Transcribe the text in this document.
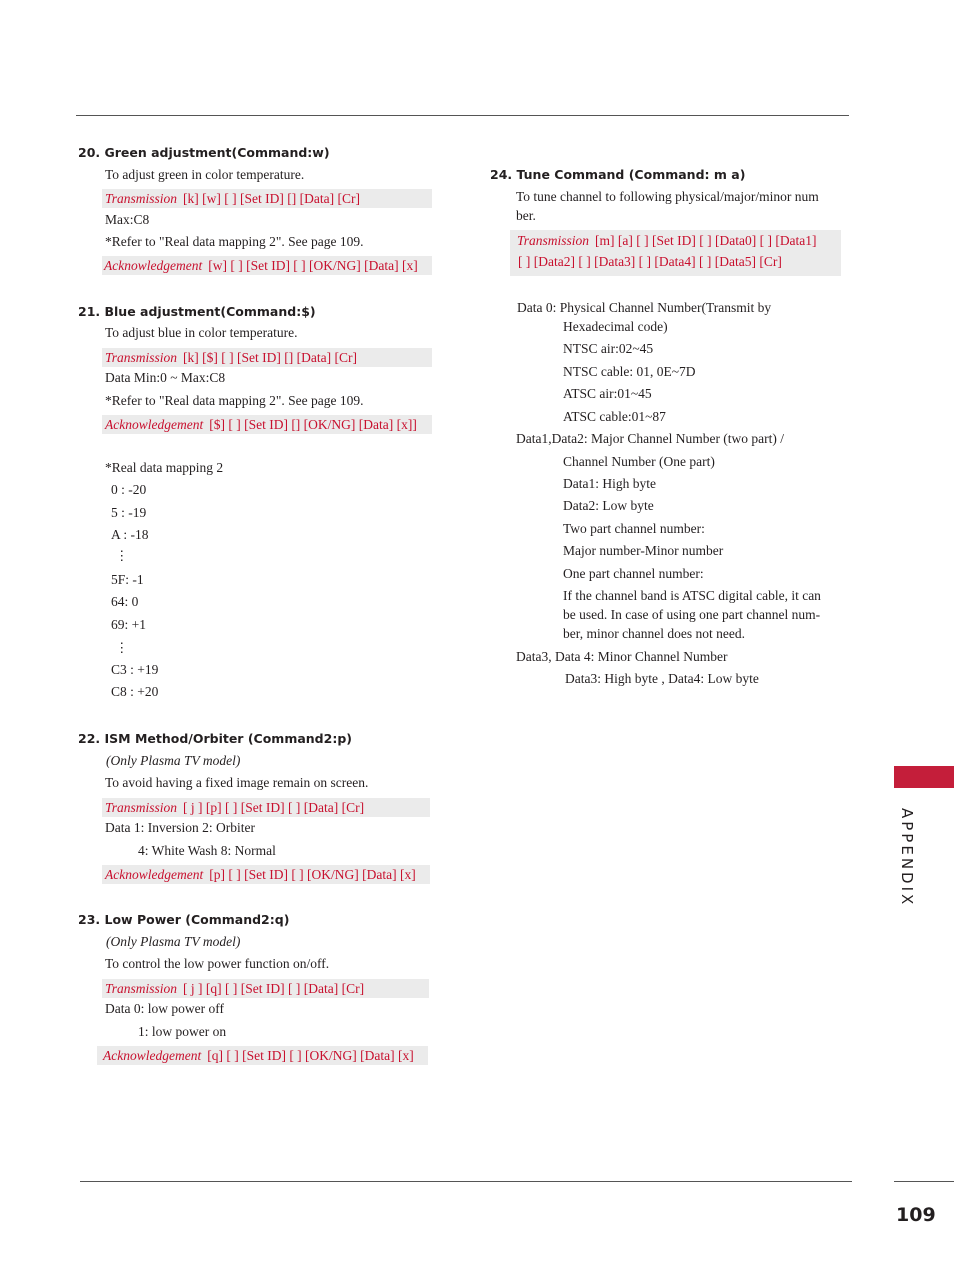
20. Green adjustment(Command:w)
To adjust green in color temperature.
Transmission [k] [w] [ ] [Set ID] [] [Data] [Cr]
Max:C8
*Refer to "Real data mapping 2". See page 109.
Acknowledgement [w] [ ] [Set ID] [ ] [OK/NG] [Data] [x]
21. Blue adjustment(Command:$)
To adjust blue in color temperature.
Transmission [k] [$] [ ] [Set ID] [] [Data] [Cr]
Data Min:0 ~ Max:C8
*Refer to "Real data mapping 2". See page 109.
Acknowledgement [$] [ ] [Set ID] [] [OK/NG] [Data] [x]]
*Real data mapping 2
0 : -20
5 : -19
A : -18
⋮
5F: -1
64: 0
69: +1
⋮
C3 : +19
C8 : +20
22. ISM Method/Orbiter (Command2:p)
(Only Plasma TV model)
To avoid having a fixed image remain on screen.
Transmission [ j ] [p] [ ] [Set ID] [ ] [Data] [Cr]
Data 1: Inversion 2: Orbiter
4: White Wash 8: Normal
Acknowledgement [p] [ ] [Set ID] [ ] [OK/NG] [Data] [x]
23. Low Power (Command2:q)
(Only Plasma TV model)
To control the low power function on/off.
Transmission [ j ] [q] [ ] [Set ID] [ ] [Data] [Cr]
Data 0: low power off
1: low power on
Acknowledgement [q] [ ] [Set ID] [ ] [OK/NG] [Data] [x]
24. Tune Command (Command: m a)
To tune channel to following physical/major/minor num
ber.
Transmission [m] [a] [ ] [Set ID] [ ] [Data0] [ ] [Data1]
[ ] [Data2] [ ] [Data3] [ ] [Data4] [ ] [Data5] [Cr]
Data 0: Physical Channel Number(Transmit by
Hexadecimal code)
NTSC air:02~45
NTSC cable: 01, 0E~7D
ATSC air:01~45
ATSC cable:01~87
Data1,Data2: Major Channel Number (two part) /
Channel Number (One part)
Data1: High byte
Data2: Low byte
Two part channel number:
Major number-Minor number
One part channel number:
If the channel band is ATSC digital cable, it can
be used. In case of using one part channel num-
ber, minor channel does not need.
Data3, Data 4: Minor Channel Number
Data3: High byte , Data4: Low byte
APPENDIX
109
